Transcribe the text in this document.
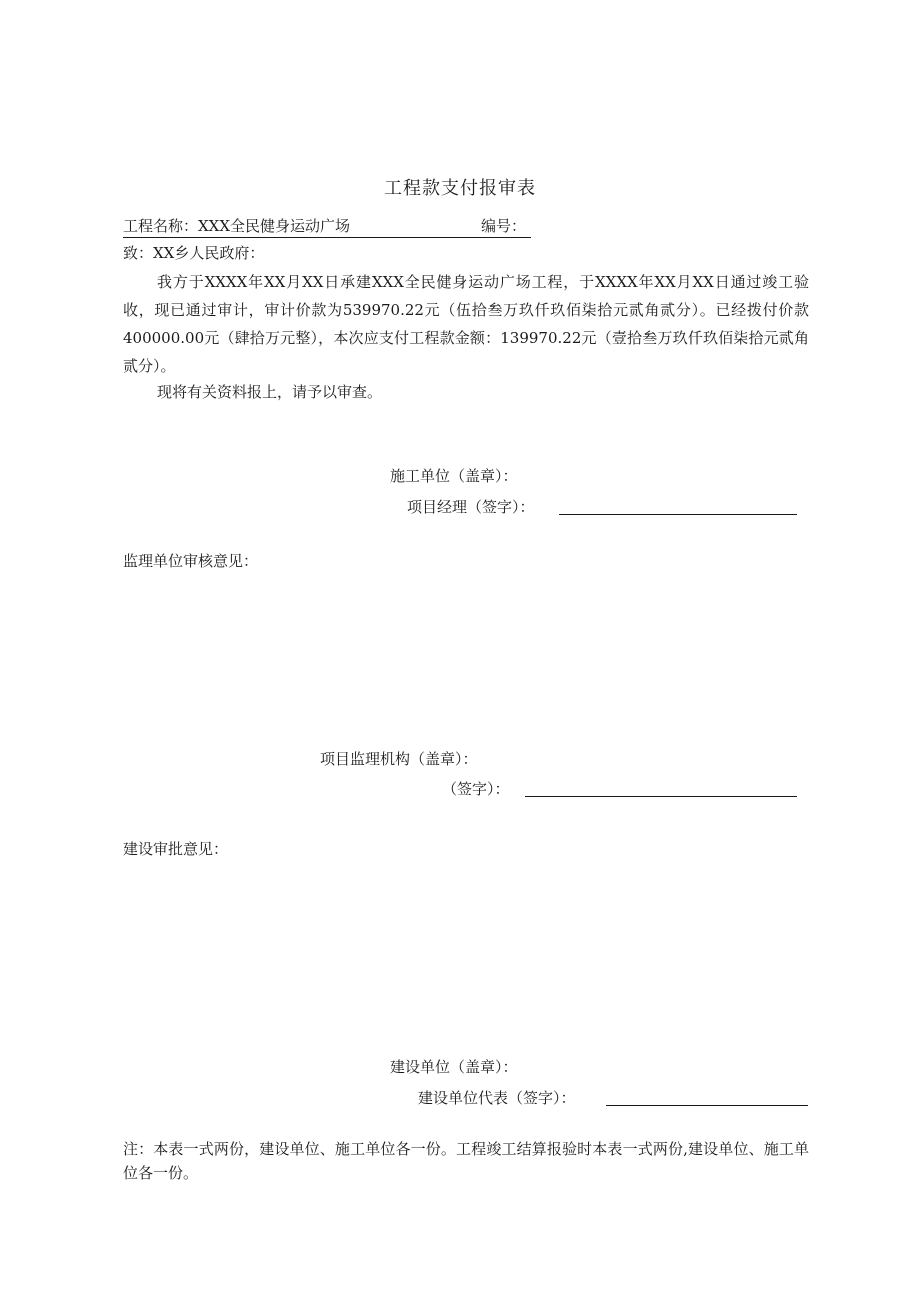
工程款支付报审表
工程名称：XXX全民健身运动广场	编号：
致：XX乡人民政府：
我方于XXXX年XX月XX日承建XXX全民健身运动广场工程，于XXXX年XX月XX日通过竣工验收，现已通过审计，审计价款为539970.22元（伍拾叁万玖仟玖佰柒拾元贰角贰分）。已经拨付价款400000.00元（肆拾万元整），本次应支付工程款金额：139970.22元（壹拾叁万玖仟玖佰柒拾元贰角贰分）。
现将有关资料报上，请予以审查。
施工单位（盖章）：
项目经理（签字）：
监理单位审核意见：
项目监理机构（盖章）：
（签字）：
建设审批意见：
建设单位（盖章）：
建设单位代表（签字）：
注：本表一式两份，建设单位、施工单位各一份。工程竣工结算报验时本表一式两份,建设单位、施工单位各一份。
